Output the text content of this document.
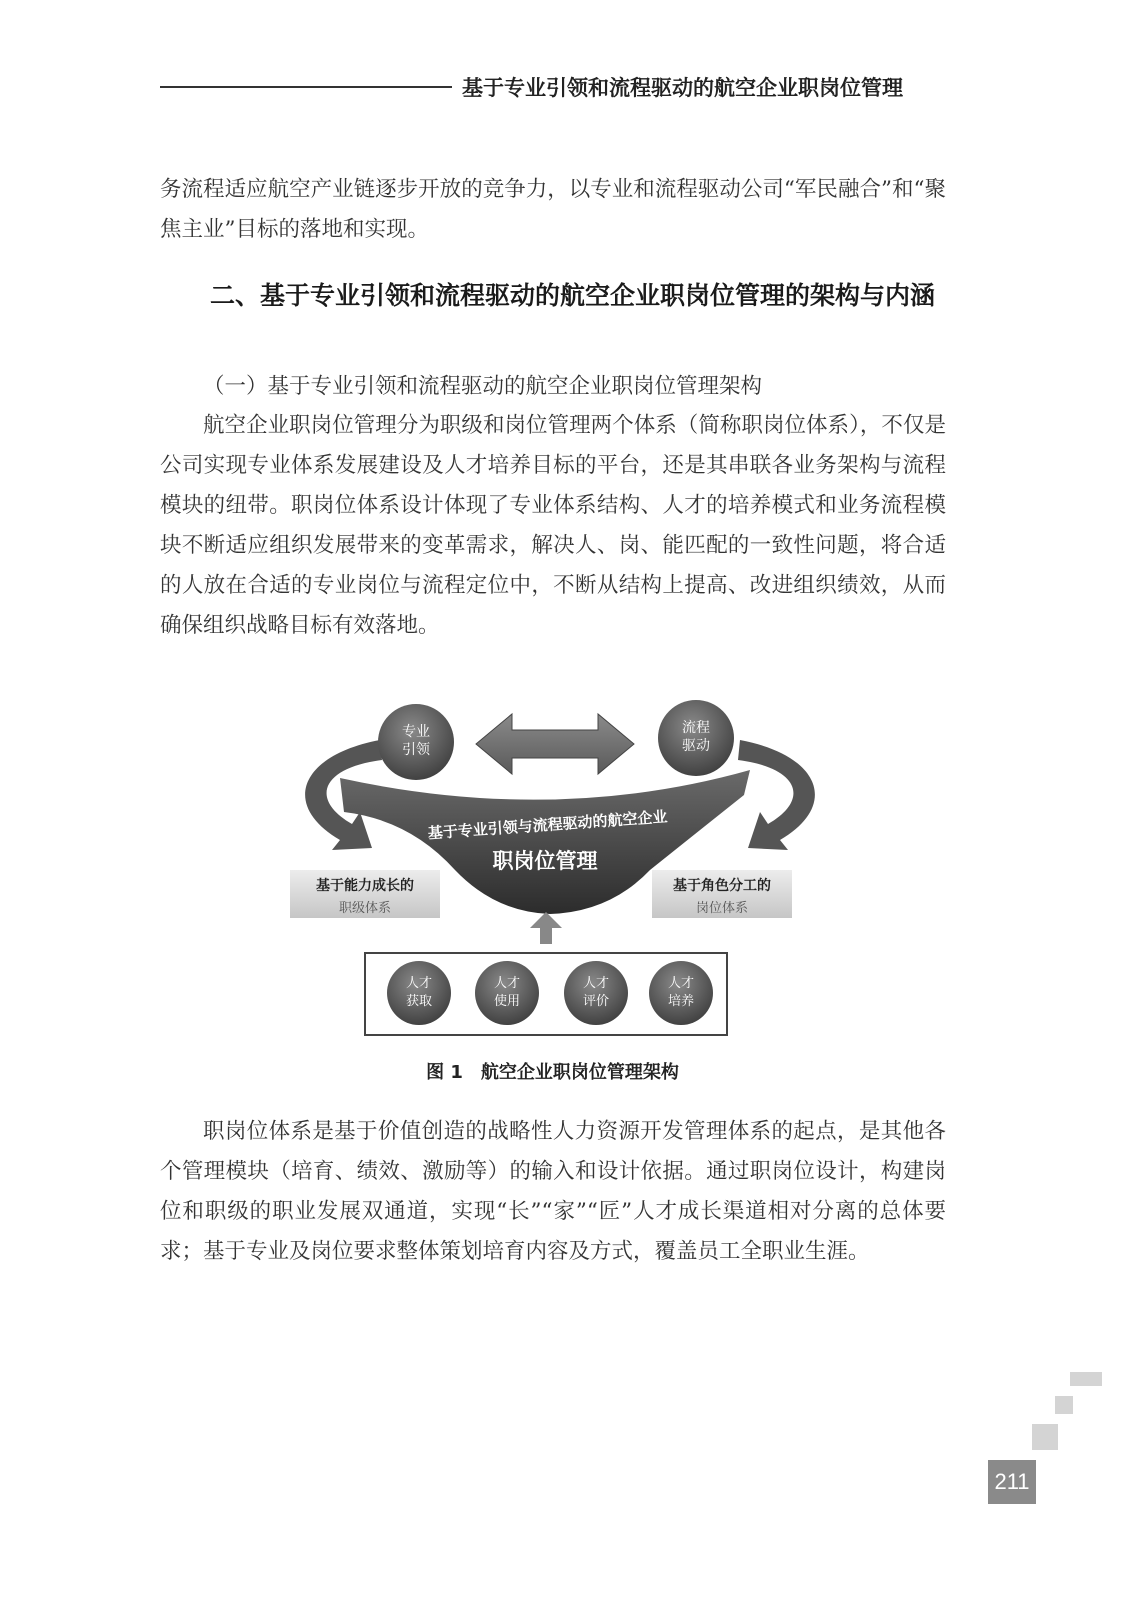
基于专业引领和流程驱动的航空企业职岗位管理

务流程适应航空产业链逐步开放的竞争力，以专业和流程驱动公司“军民融合”和“聚焦主业”目标的落地和实现。

二、基于专业引领和流程驱动的航空企业职岗位管理的架构与内涵

（一）基于专业引领和流程驱动的航空企业职岗位管理架构

航空企业职岗位管理分为职级和岗位管理两个体系（简称职岗位体系），不仅是公司实现专业体系发展建设及人才培养目标的平台，还是其串联各业务架构与流程模块的纽带。职岗位体系设计体现了专业体系结构、人才的培养模式和业务流程模块不断适应组织发展带来的变革需求，解决人、岗、能匹配的一致性问题，将合适的人放在合适的专业岗位与流程定位中，不断从结构上提高、改进组织绩效，从而确保组织战略目标有效落地。

专业
引领
流程
驱动
基于专业引领与流程驱动的航空企业
职岗位管理
基于能力成长的
职级体系
基于角色分工的
岗位体系
人才
获取
人才
使用
人才
评价
人才
培养
图 1　航空企业职岗位管理架构

职岗位体系是基于价值创造的战略性人力资源开发管理体系的起点，是其他各个管理模块（培育、绩效、激励等）的输入和设计依据。通过职岗位设计，构建岗位和职级的职业发展双通道，实现“长”“家”“匠”人才成长渠道相对分离的总体要求；基于专业及岗位要求整体策划培育内容及方式，覆盖员工全职业生涯。

211
